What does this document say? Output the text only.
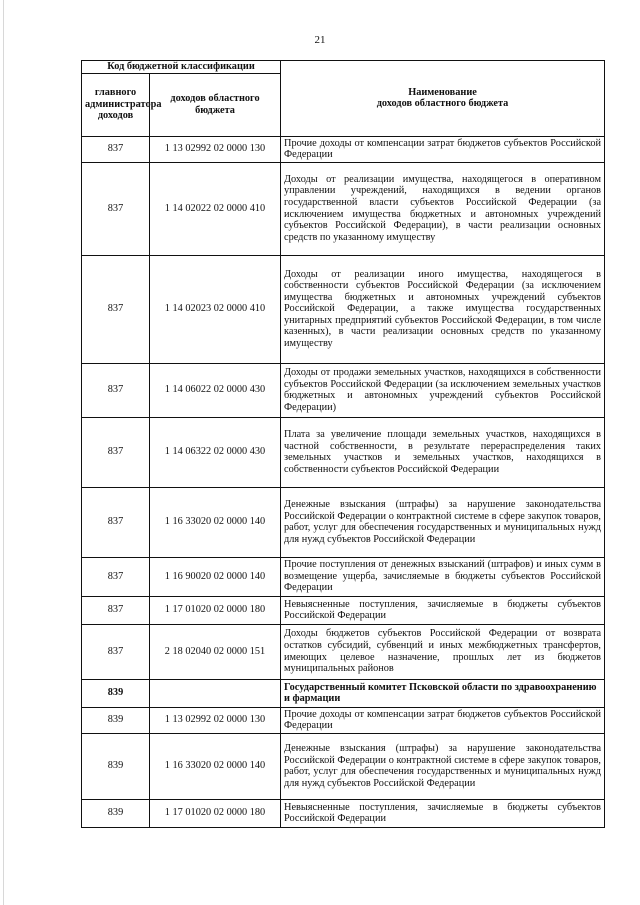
21
Код бюджетной классификации		Наименование
доходов областного бюджета

главного администратора доходов	доходов областного бюджета	
837	1 13 02992 02 0000 130	Прочие доходы от компенсации затрат бюджетов субъектов Российской Федерации
837	1 14 02022 02 0000 410	Доходы от реализации имущества, находящегося в оперативном управлении учреждений, находящихся в ведении органов государственной власти субъектов Российской Федерации (за исключением имущества бюджетных и автономных учреждений субъектов Российской Федерации), в части реализации основных средств по указанному имуществу
837	1 14 02023 02 0000 410	Доходы от реализации иного имущества, находящегося в собственности субъектов Российской Федерации (за исключением имущества бюджетных и автономных учреждений субъектов Российской Федерации, а также имущества государственных унитарных предприятий субъектов Российской Федерации, в том числе казенных), в части реализации основных средств по указанному имуществу
837	1 14 06022 02 0000 430	Доходы от продажи земельных участков, находящихся в собственности субъектов Российской Федерации (за исключением земельных участков бюджетных и автономных учреждений субъектов Российской Федерации)
837	1 14 06322 02 0000 430	Плата за увеличение площади земельных участков, находящихся в частной собственности, в результате перераспределения таких земельных участков и земельных участков, находящихся в собственности субъектов Российской Федерации
837	1 16 33020 02 0000 140	Денежные взыскания (штрафы) за нарушение законодательства Российской Федерации о контрактной системе в сфере закупок товаров, работ, услуг для обеспечения государственных и муниципальных нужд для нужд субъектов Российской Федерации
837	1 16 90020 02 0000 140	Прочие поступления от денежных взысканий (штрафов) и иных сумм в возмещение ущерба, зачисляемые в бюджеты субъектов Российской Федерации
837	1 17 01020 02 0000 180	Невыясненные поступления, зачисляемые в бюджеты субъектов Российской Федерации
837	2 18 02040 02 0000 151	Доходы бюджетов субъектов Российской Федерации от возврата остатков субсидий, субвенций и иных межбюджетных трансфертов, имеющих целевое назначение, прошлых лет из бюджетов муниципальных районов
839		Государственный комитет Псковской области по здравоохранению и фармации
839	1 13 02992 02 0000 130	Прочие доходы от компенсации затрат бюджетов субъектов Российской Федерации
839	1 16 33020 02 0000 140	Денежные взыскания (штрафы) за нарушение законодательства Российской Федерации о контрактной системе в сфере закупок товаров, работ, услуг для обеспечения государственных и муниципальных нужд для нужд субъектов Российской Федерации
839	1 17 01020 02 0000 180	Невыясненные поступления, зачисляемые в бюджеты субъектов Российской Федерации
